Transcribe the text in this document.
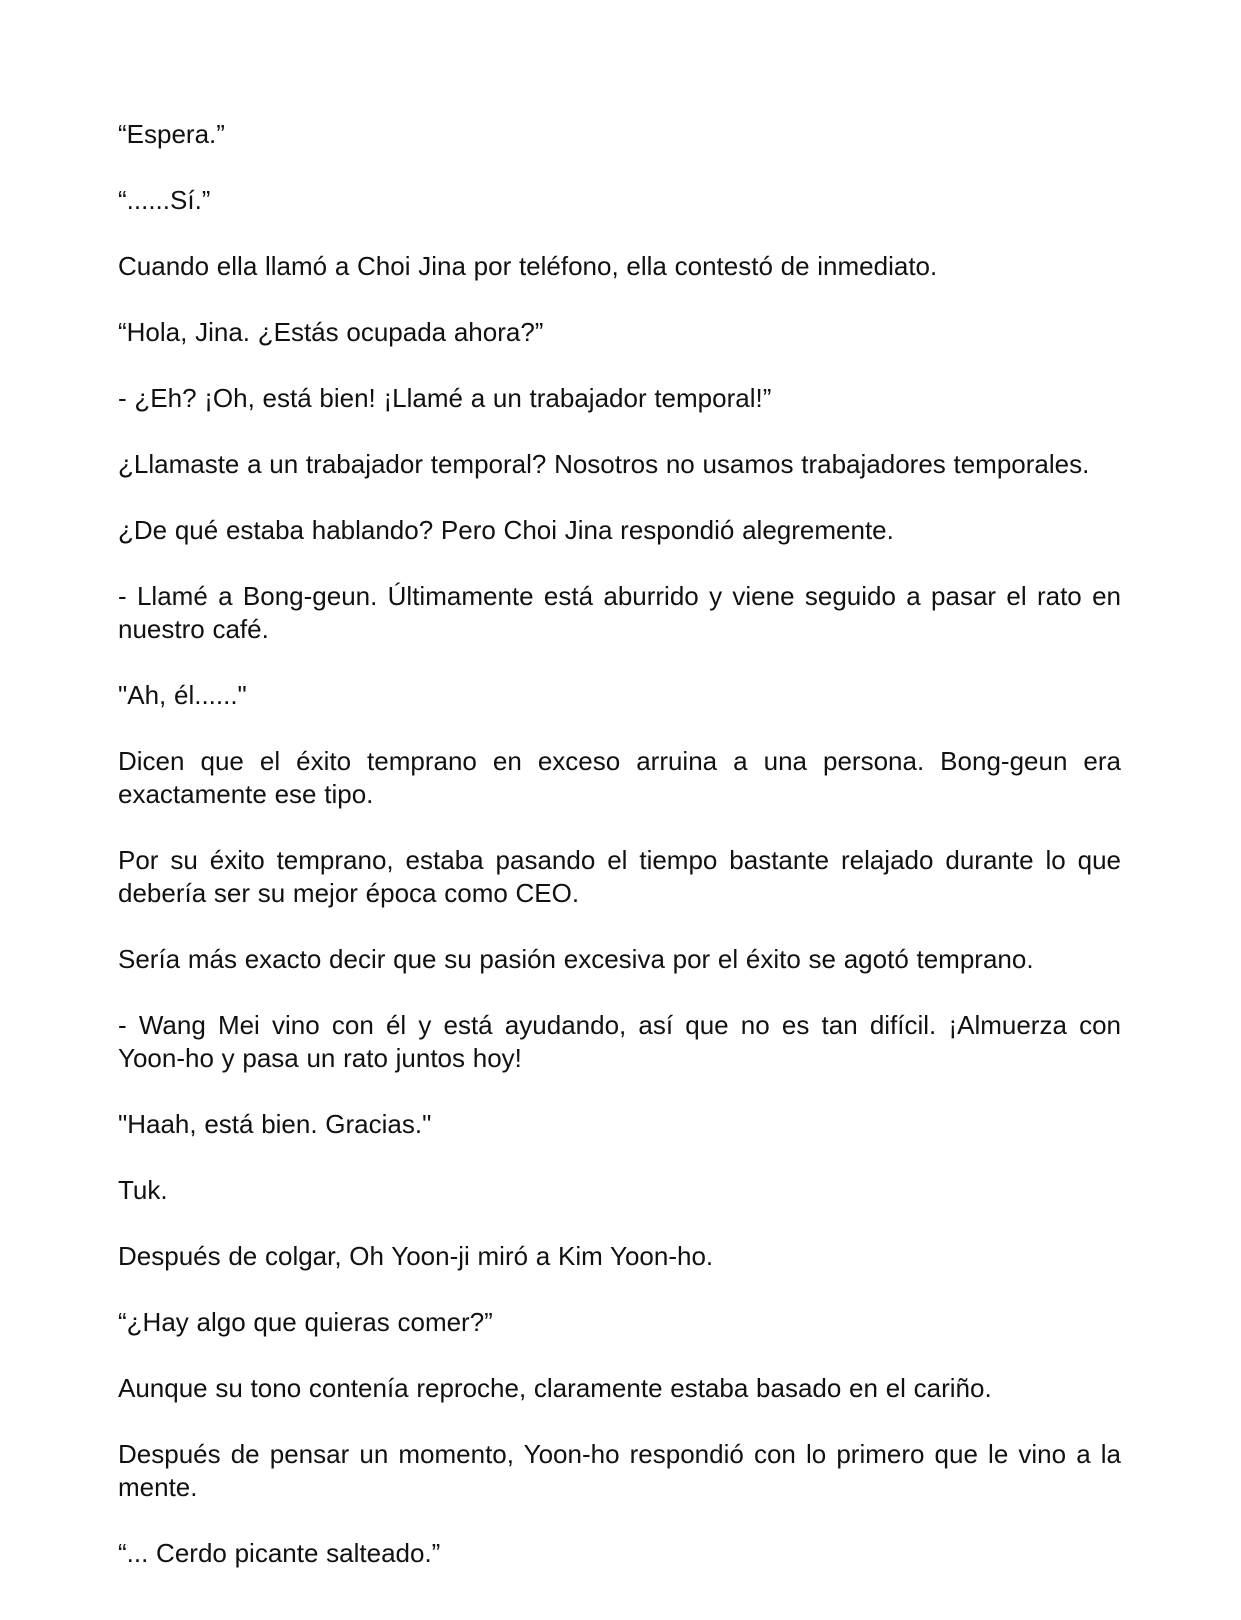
“Espera.”

“......Sí.”

Cuando ella llamó a Choi Jina por teléfono, ella contestó de inmediato.

“Hola, Jina. ¿Estás ocupada ahora?”

- ¿Eh? ¡Oh, está bien! ¡Llamé a un trabajador temporal!”

¿Llamaste a un trabajador temporal? Nosotros no usamos trabajadores temporales.

¿De qué estaba hablando? Pero Choi Jina respondió alegremente.

- Llamé a Bong-geun. Últimamente está aburrido y viene seguido a pasar el rato en nuestro café.

"Ah, él......"

Dicen que el éxito temprano en exceso arruina a una persona. Bong-geun era exactamente ese tipo.

Por su éxito temprano, estaba pasando el tiempo bastante relajado durante lo que debería ser su mejor época como CEO.

Sería más exacto decir que su pasión excesiva por el éxito se agotó temprano.

- Wang Mei vino con él y está ayudando, así que no es tan difícil. ¡Almuerza con Yoon-ho y pasa un rato juntos hoy!

"Haah, está bien. Gracias."

Tuk.

Después de colgar, Oh Yoon-ji miró a Kim Yoon-ho.

“¿Hay algo que quieras comer?”

Aunque su tono contenía reproche, claramente estaba basado en el cariño.

Después de pensar un momento, Yoon-ho respondió con lo primero que le vino a la mente.

“... Cerdo picante salteado.”
